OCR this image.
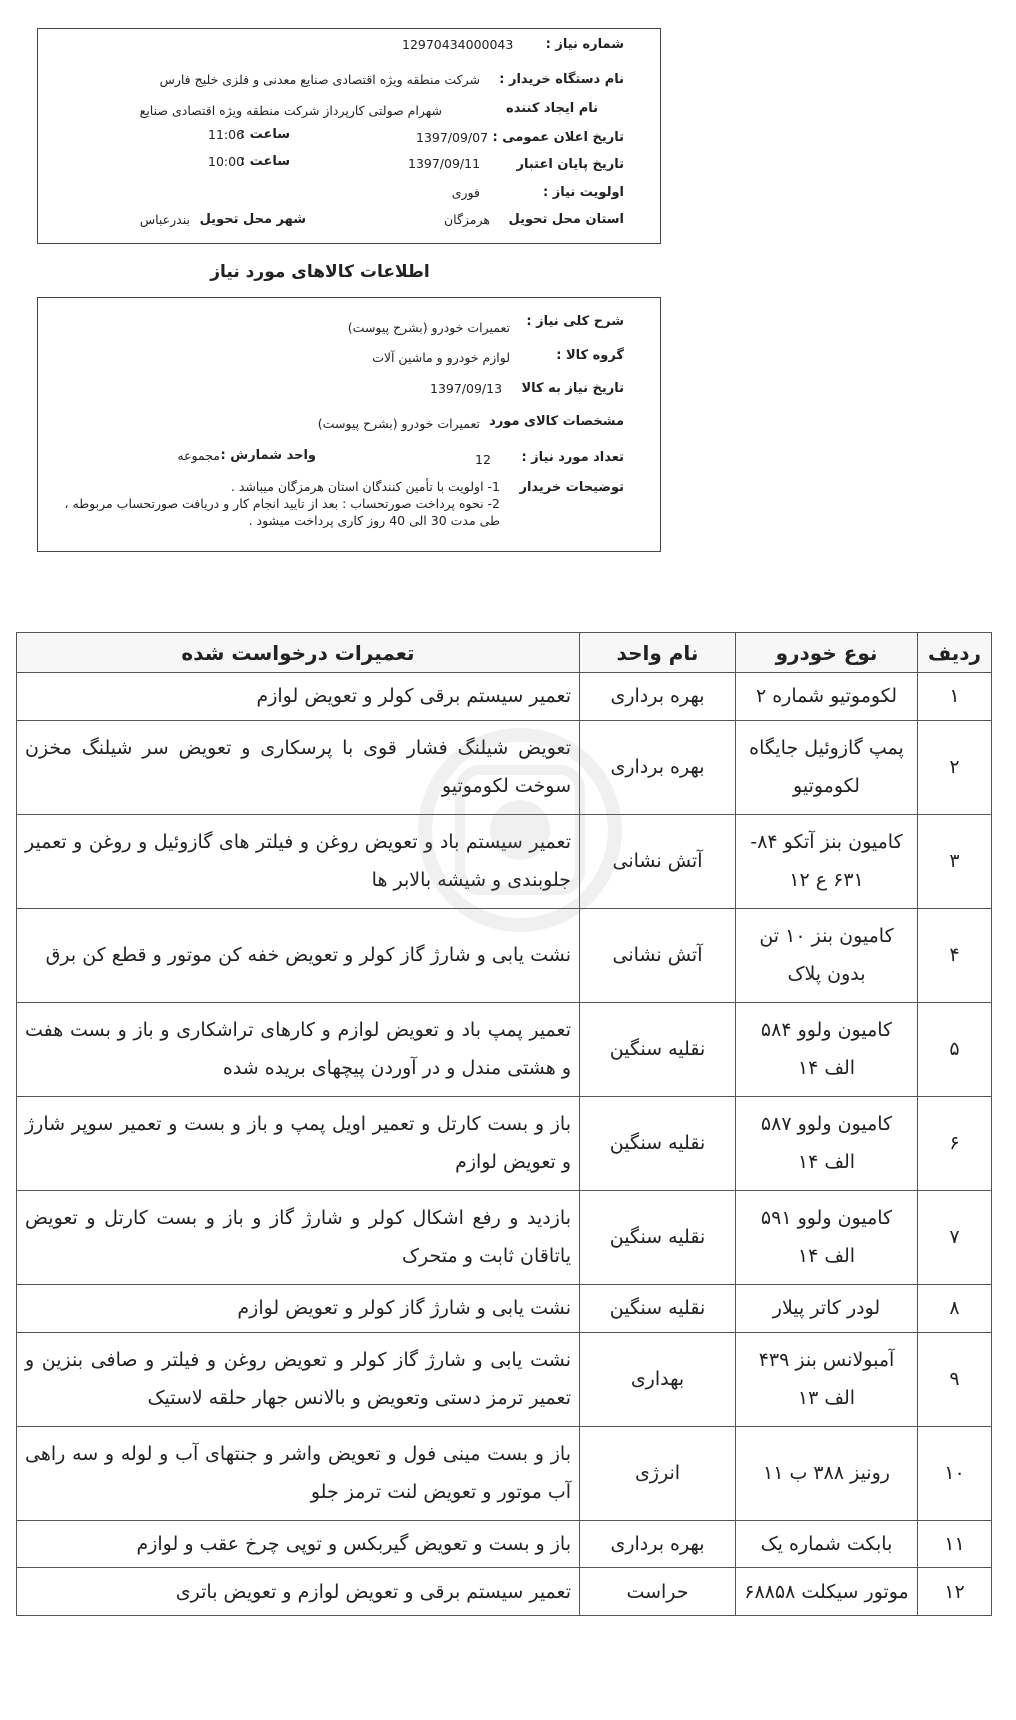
شماره نیاز :
12970434000043
نام دستگاه خریدار :
شرکت منطقه ویژه اقتصادی صنایع معدنی و فلزی خلیج فارس
نام ایجاد کننده
شهرام صولتی کارپرداز شرکت منطقه ویژه اقتصادی صنایع
تاریخ اعلان عمومی :
1397/09/07
ساعت :
11:06
تاریخ پایان اعتبار
1397/09/11
ساعت :
10:00
اولویت نیاز :
فوری
استان محل تحویل
هرمزگان
شهر محل تحویل
بندرعباس
اطلاعات کالاهای مورد نیاز
شرح کلی نیاز :
تعمیرات خودرو (بشرح پیوست)
گروه کالا :
لوازم خودرو و ماشین آلات
تاریخ نیاز به کالا
1397/09/13
مشخصات کالای مورد
تعمیرات خودرو (بشرح پیوست)
تعداد مورد نیاز :
12
واحد شمارش :
مجموعه
توضیحات خریدار
1- اولویت با تأمین کنندگان استان هرمزگان میباشد .
2- نحوه پرداخت صورتحساب : بعد از تایید انجام کار و دریافت صورتحساب مربوطه ،
طی مدت 30 الی 40 روز کاری پرداخت میشود .
ردیف	نوع خودرو	نام واحد	تعمیرات درخواست شده
۱	لکوموتیو شماره ۲	بهره برداری	تعمیر سیستم برقی کولر و تعویض لوازم
۲	پمپ گازوئیل جایگاه لکوموتیو	بهره برداری	تعویض شیلنگ فشار قوی با پرسکاری و تعویض سر شیلنگ مخزن سوخت لکوموتیو
۳	کامیون بنز آتکو ۸۴- ۶۳۱ ع ۱۲	آتش نشانی	تعمیر سیستم باد و تعویض روغن و فیلتر های گازوئیل و روغن و تعمیر جلوبندی و شیشه بالابر ها
۴	کامیون بنز ۱۰ تن بدون پلاک	آتش نشانی	نشت یابی و شارژ گاز کولر و تعویض خفه کن موتور و قطع کن برق
۵	کامیون ولوو ۵۸۴ الف ۱۴	نقلیه سنگین	تعمیر پمپ باد و تعویض لوازم و کارهای تراشکاری و باز و بست هفت و هشتی مندل و در آوردن پیچهای بریده شده
۶	کامیون ولوو ۵۸۷ الف ۱۴	نقلیه سنگین	باز و بست کارتل و تعمیر اویل پمپ و باز و بست و تعمیر سوپر شارژ و تعویض لوازم
۷	کامیون ولوو ۵۹۱ الف ۱۴	نقلیه سنگین	بازدید و رفع اشکال کولر و شارژ گاز و باز و بست کارتل و تعویض یاتاقان ثابت و متحرک
۸	لودر کاتر پیلار	نقلیه سنگین	نشت یابی و شارژ گاز کولر و تعویض لوازم
۹	آمبولانس بنز ۴۳۹ الف ۱۳	بهداری	نشت یابی و شارژ گاز کولر و تعویض روغن و فیلتر و صافی بنزین و تعمیر ترمز دستی وتعویض و بالانس جهار حلقه لاستیک
۱۰	رونیز ۳۸۸ ب ۱۱	انرژی	باز و بست مینی فول و تعویض واشر و جنتهای آب و لوله و سه راهی آب موتور و تعویض لنت ترمز جلو
۱۱	بابکت شماره یک	بهره برداری	باز و بست و تعویض گیربکس و توپی چرخ عقب و لوازم
۱۲	موتور سیکلت ۶۸۸۵۸	حراست	تعمیر سیستم برقی و تعویض لوازم و تعویض باتری
